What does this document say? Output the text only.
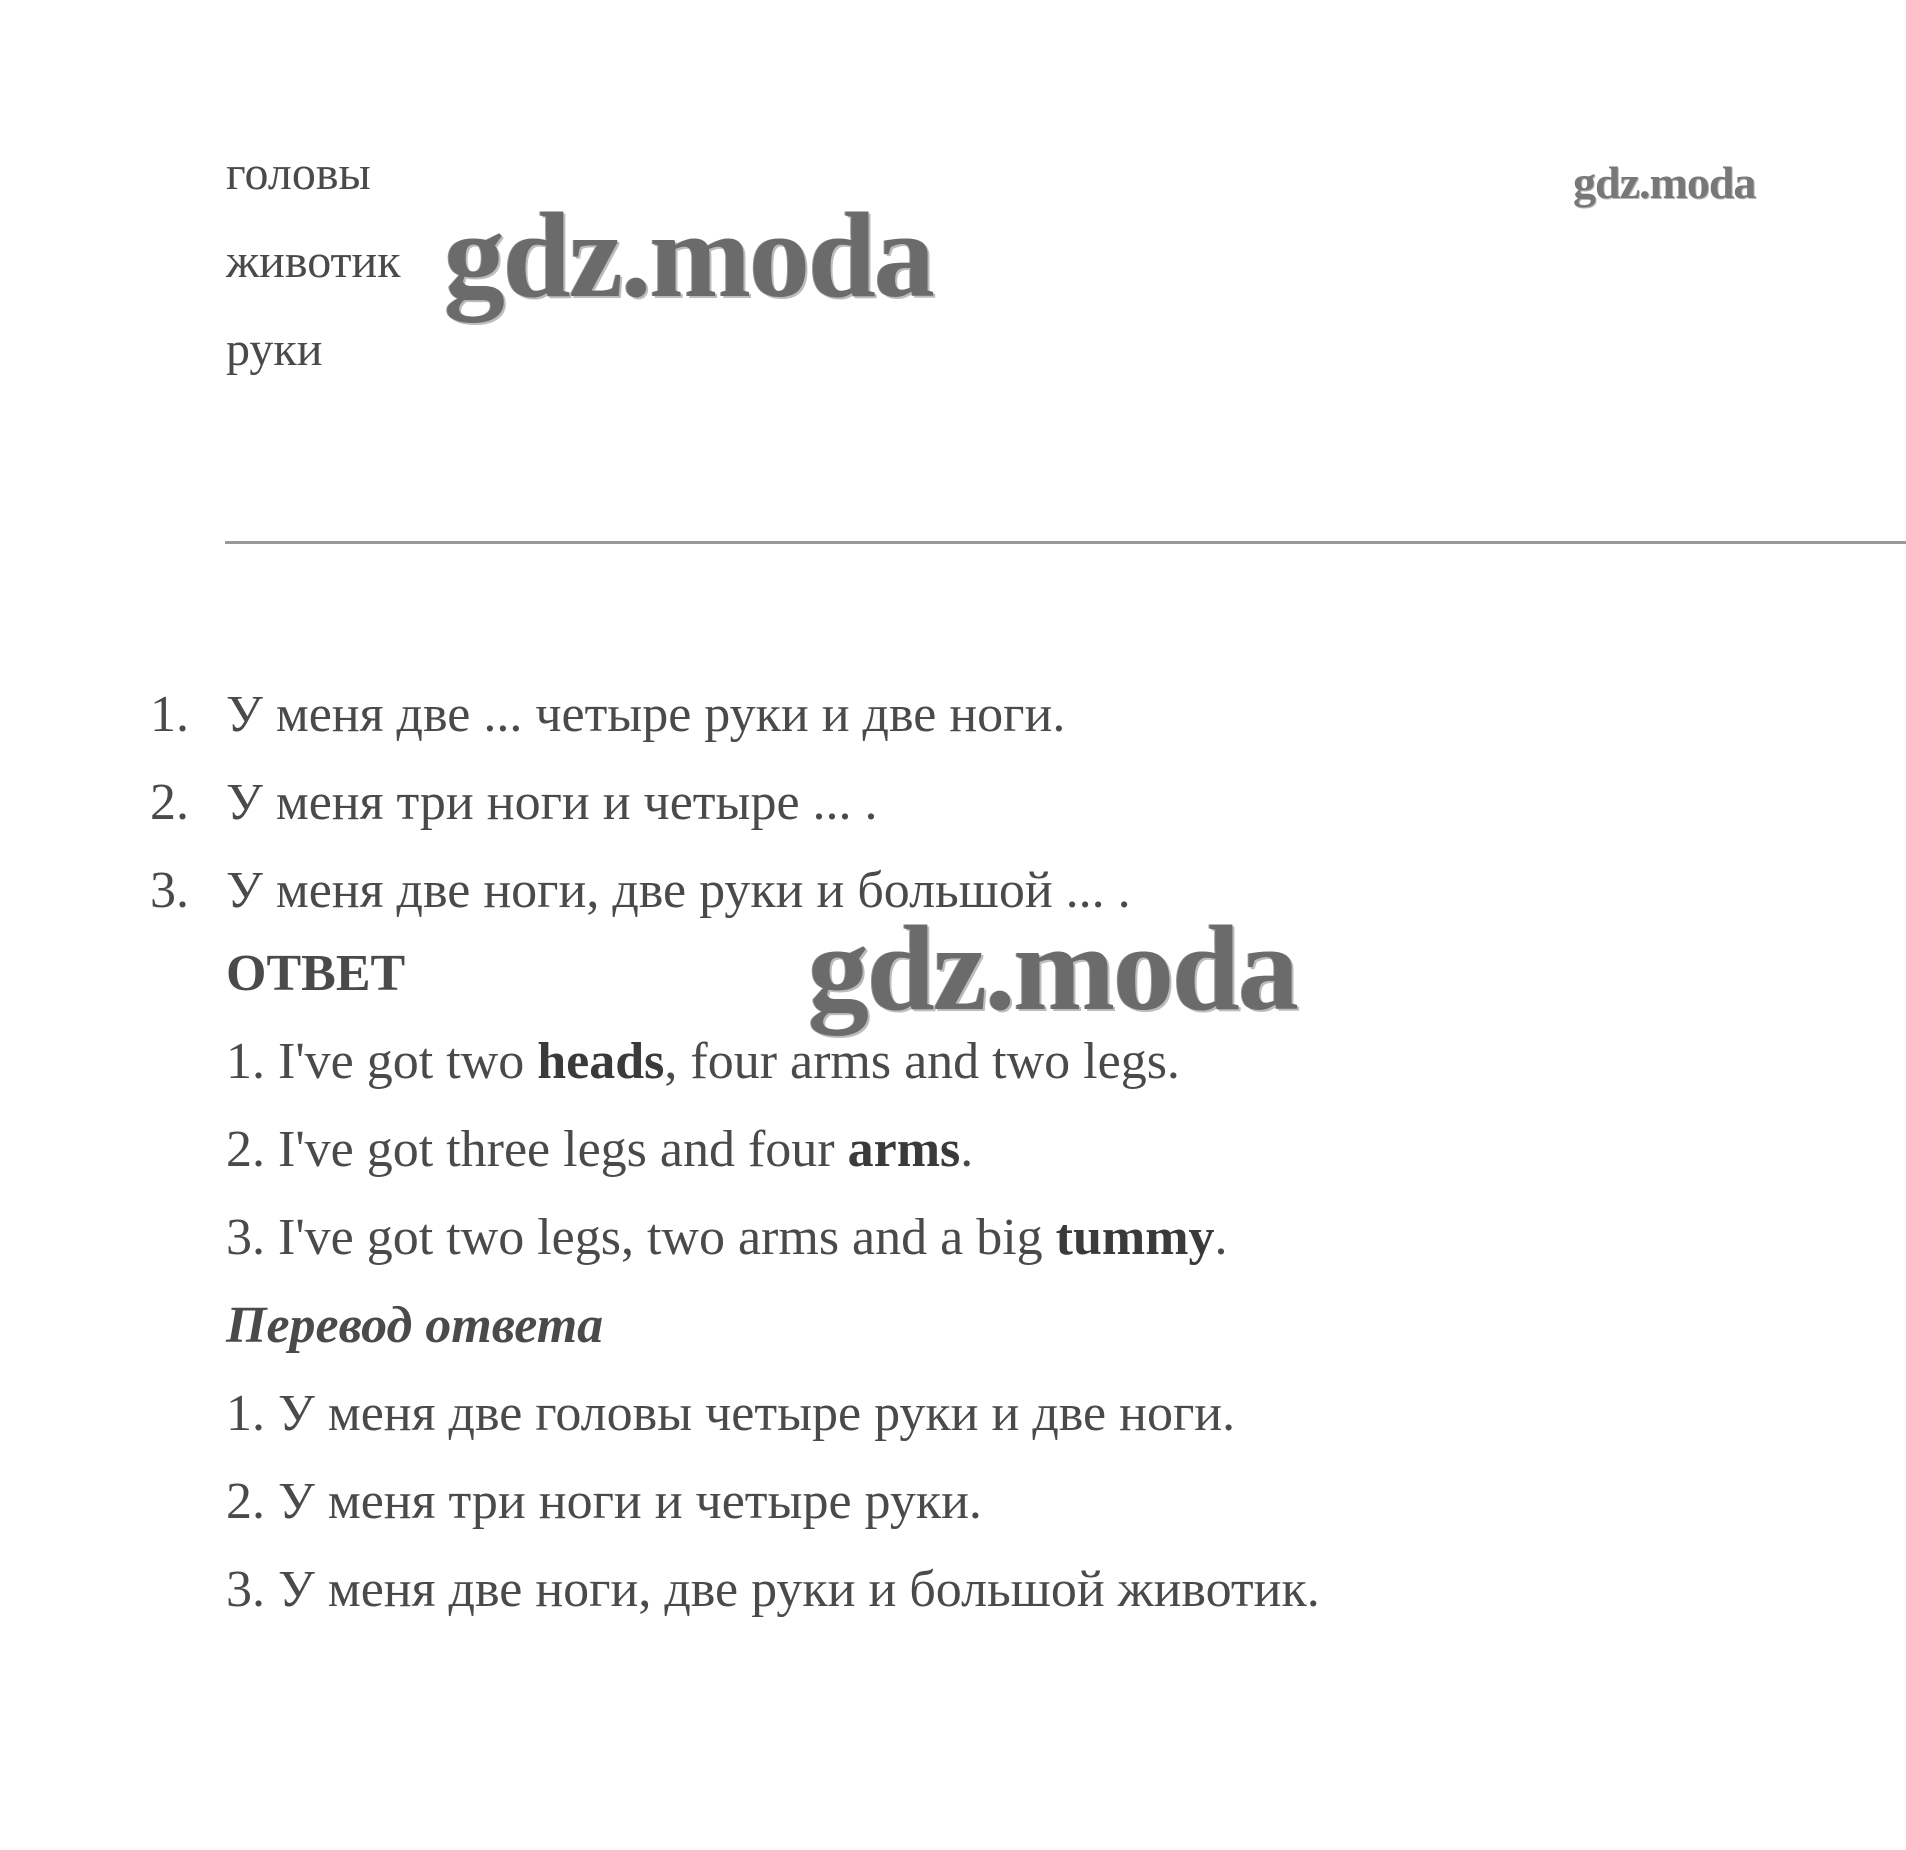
головы
животик
руки
1. У меня две ... четыре руки и две ноги.
2. У меня три ноги и четыре ... .
3. У меня две ноги, две руки и большой ... .
ОТВЕТ
1. I've got two heads, four arms and two legs.
2. I've got three legs and four arms.
3. I've got two legs, two arms and a big tummy.
Перевод ответа
1. У меня две головы четыре руки и две ноги.
2. У меня три ноги и четыре руки.
3. У меня две ноги, две руки и большой животик.
gdz.moda
gdz.moda
gdz.moda
